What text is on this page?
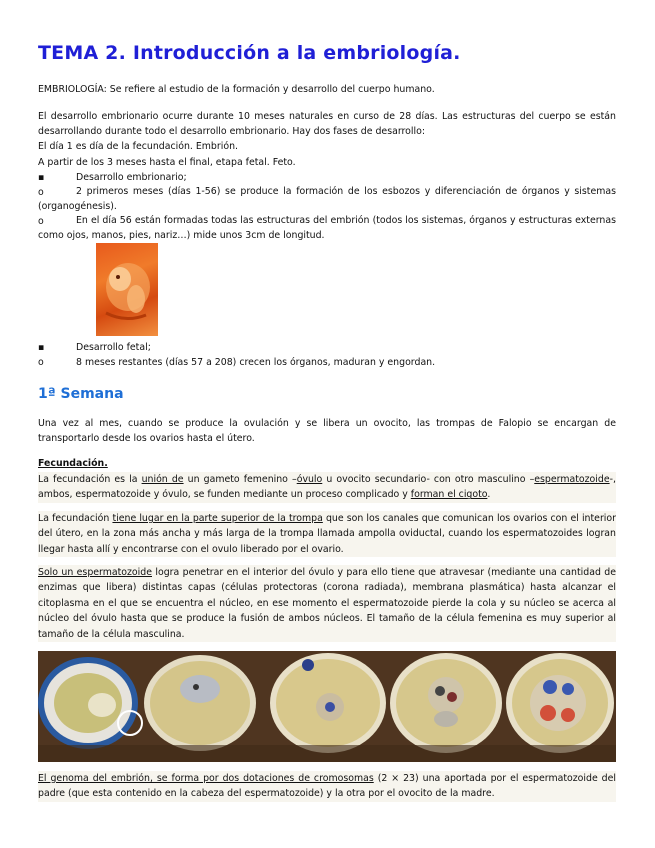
TEMA 2. Introducción a la embriología.
EMBRIOLOGÍA: Se refiere al estudio de la formación y desarrollo del cuerpo humano.
El desarrollo embrionario ocurre durante 10 meses naturales en curso de 28 días. Las estructuras del cuerpo se están desarrollando durante todo el desarrollo embrionario. Hay dos fases de desarrollo:
El día 1 es día de la fecundación. Embrión.
A partir de los 3 meses hasta el final, etapa fetal. Feto.
▪	Desarrollo embrionario;
o	2 primeros meses (días 1-56) se produce la formación de los esbozos y diferenciación de órganos y sistemas (organogénesis).
o	En el día 56 están formadas todas las estructuras del embrión (todos los sistemas, órganos y estructuras externas como ojos, manos, pies, nariz…) mide unos 3cm de longitud.
▪	Desarrollo fetal;
o	8 meses restantes (días 57 a 208) crecen los órganos, maduran y engordan.
1ª Semana
Una vez al mes, cuando se produce la ovulación y se libera un ovocito, las trompas de Falopio se encargan de transportarlo desde los ovarios hasta el útero.
Fecundación.
La fecundación es la unión de un gameto femenino –óvulo u ovocito secundario- con otro masculino –espermatozoide-, ambos, espermatozoide y óvulo, se funden mediante un proceso complicado y forman el cigoto.
La fecundación tiene lugar en la parte superior de la trompa que son los canales que comunican los ovarios con el interior del útero, en la zona más ancha y más larga de la trompa llamada ampolla oviductal, cuando los espermatozoides logran llegar hasta allí y encontrarse con el ovulo liberado por el ovario.
Solo un espermatozoide logra penetrar en el interior del óvulo y para ello tiene que atravesar (mediante una cantidad de enzimas que libera) distintas capas (células protectoras (corona radiada), membrana plasmática) hasta alcanzar el citoplasma en el que se encuentra el núcleo, en ese momento el espermatozoide pierde la cola y su núcleo se acerca al núcleo del óvulo hasta que se produce la fusión de ambos núcleos. El tamaño de la célula femenina es muy superior al tamaño de la célula masculina.
El genoma del embrión, se forma por dos dotaciones de cromosomas (2 × 23) una aportada por el espermatozoide del padre (que esta contenido en la cabeza del espermatozoide) y la otra por el ovocito de la madre.
